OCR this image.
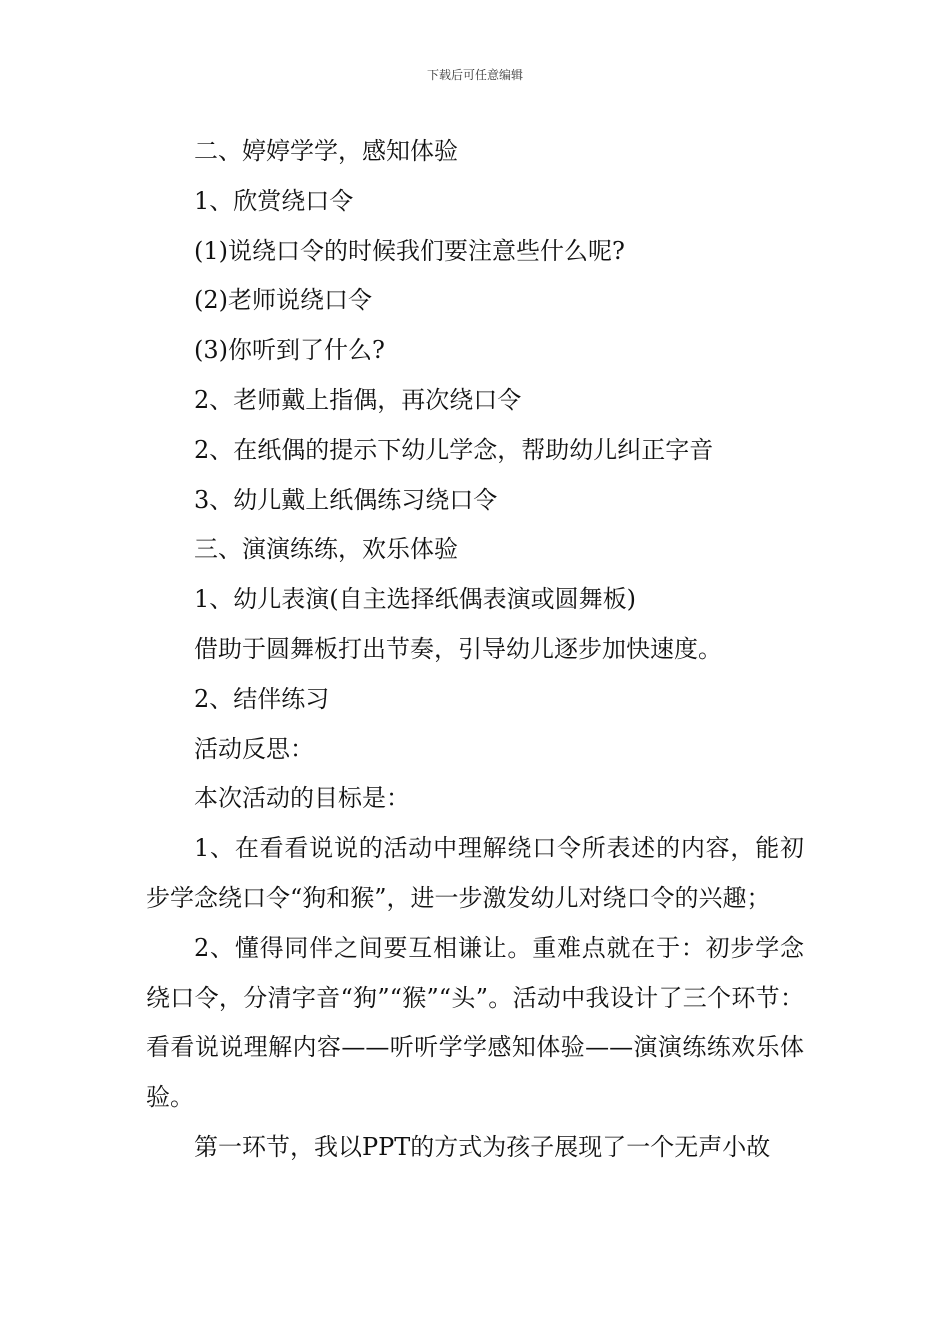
下载后可任意编辑

二、婷婷学学，感知体验

1、欣赏绕口令

(1)说绕口令的时候我们要注意些什么呢?

(2)老师说绕口令

(3)你听到了什么?

2、老师戴上指偶，再次绕口令

2、在纸偶的提示下幼儿学念，帮助幼儿纠正字音

3、幼儿戴上纸偶练习绕口令

三、演演练练，欢乐体验

1、幼儿表演(自主选择纸偶表演或圆舞板)

借助于圆舞板打出节奏，引导幼儿逐步加快速度。

2、结伴练习

活动反思：

本次活动的目标是：

1、在看看说说的活动中理解绕口令所表述的内容，能初步学念绕口令“狗和猴”，进一步激发幼儿对绕口令的兴趣；

2、懂得同伴之间要互相谦让。重难点就在于：初步学念绕口令，分清字音“狗”“猴”“头”。活动中我设计了三个环节：看看说说理解内容——听听学学感知体验——演演练练欢乐体验。

第一环节，我以PPT的方式为孩子展现了一个无声小故
